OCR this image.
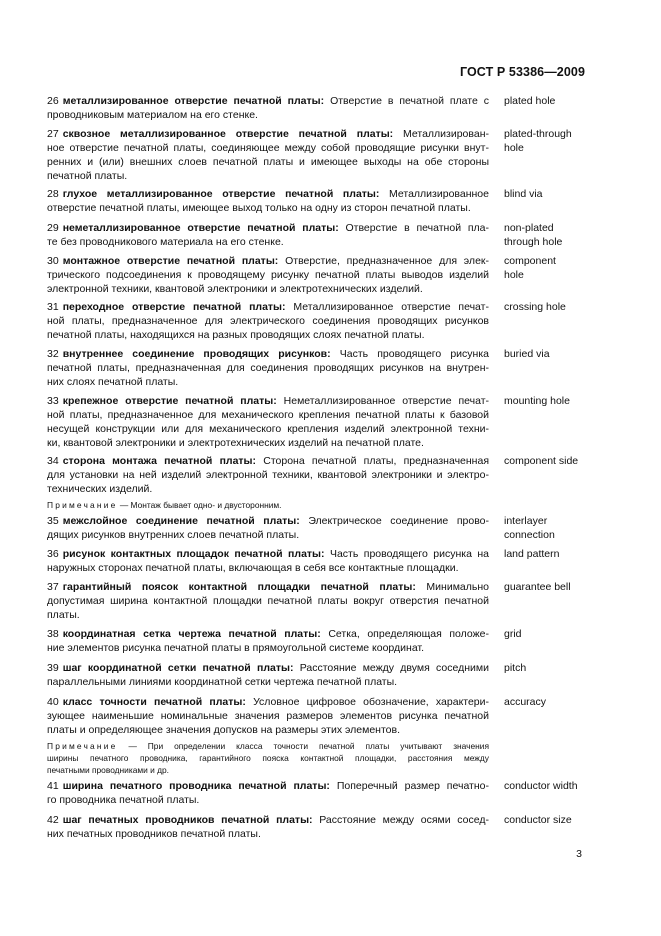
ГОСТ Р 53386—2009
26 металлизированное отверстие печатной платы: Отверстие в печатной плате с
проводниковым материалом на его стенке.
plated hole
27 сквозное металлизированное отверстие печатной платы: Металлизирован-
ное отверстие печатной платы, соединяющее между собой проводящие рисунки внут-
ренних и (или) внешних слоев печатной платы и имеющее выходы на обе стороны
печатной платы.
plated-through
hole
28 глухое металлизированное отверстие печатной платы: Металлизированное
отверстие печатной платы, имеющее выход только на одну из сторон печатной платы.
blind via
29 неметаллизированное отверстие печатной платы: Отверстие в печатной пла-
те без проводникового материала на его стенке.
non-plated
through hole
30 монтажное отверстие печатной платы: Отверстие, предназначенное для элек-
трического подсоединения к проводящему рисунку печатной платы выводов изделий
электронной техники, квантовой электроники и электротехнических изделий.
component
hole
31 переходное отверстие печатной платы: Металлизированное отверстие печат-
ной платы, предназначенное для электрического соединения проводящих рисунков
печатной платы, находящихся на разных проводящих слоях печатной платы.
crossing hole
32 внутреннее соединение проводящих рисунков: Часть проводящего рисунка
печатной платы, предназначенная для соединения проводящих рисунков на внутрен-
них слоях печатной платы.
buried via
33 крепежное отверстие печатной платы: Неметаллизированное отверстие печат-
ной платы, предназначенное для механического крепления печатной платы к базовой
несущей конструкции или для механического крепления изделий электронной техни-
ки, квантовой электроники и электротехнических изделий на печатной плате.
mounting hole
34 сторона монтажа печатной платы: Сторона печатной платы, предназначенная
для установки на ней изделий электронной техники, квантовой электроники и электро-
технических изделий.
component side
Примечание — Монтаж бывает одно- и двусторонним.
35 межслойное соединение печатной платы: Электрическое соединение прово-
дящих рисунков внутренних слоев печатной платы.
interlayer
connection
36 рисунок контактных площадок печатной платы: Часть проводящего рисунка на
наружных сторонах печатной платы, включающая в себя все контактные площадки.
land pattern
37 гарантийный поясок контактной площадки печатной платы: Минимально
допустимая ширина контактной площадки печатной платы вокруг отверстия печатной
платы.
guarantee bell
38 координатная сетка чертежа печатной платы: Сетка, определяющая положе-
ние элементов рисунка печатной платы в прямоугольной системе координат.
grid
39 шаг координатной сетки печатной платы: Расстояние между двумя соседними
параллельными линиями координатной сетки чертежа печатной платы.
pitch
40 класс точности печатной платы: Условное цифровое обозначение, характери-
зующее наименьшие номинальные значения размеров элементов рисунка печатной
платы и определяющее значения допусков на размеры этих элементов.
accuracy
Примечание — При определении класса точности печатной платы учитывают значения
ширины печатного проводника, гарантийного пояска контактной площадки, расстояния между
печатными проводниками и др.
41 ширина печатного проводника печатной платы: Поперечный размер печатно-
го проводника печатной платы.
conductor width
42 шаг печатных проводников печатной платы: Расстояние между осями сосед-
них печатных проводников печатной платы.
conductor size
3
